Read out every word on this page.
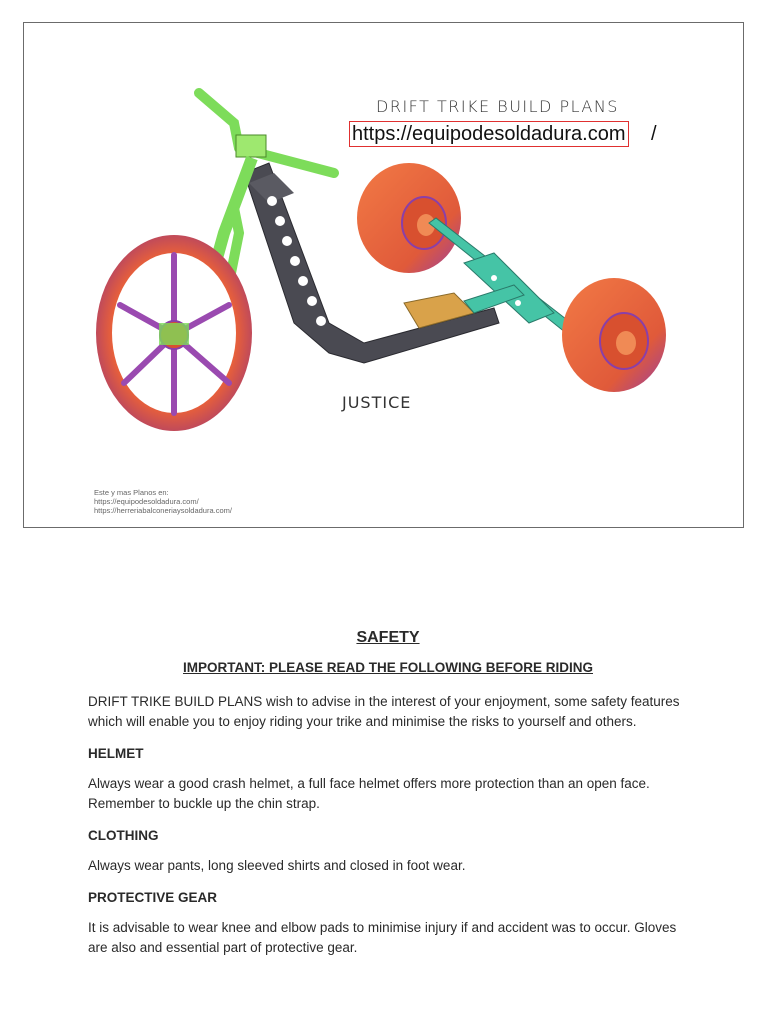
DRIFT TRIKE BUILD PLANS
https://equipodesoldadura.com /
JUSTICE
Este y mas Planos en:
https://equipodesoldadura.com/
https://herreriabalconeriaysoldadura.com/
SAFETY
IMPORTANT: PLEASE READ THE FOLLOWING BEFORE RIDING

DRIFT TRIKE BUILD PLANS wish to advise in the interest of your enjoyment, some safety features which will enable you to enjoy riding your trike and minimise the risks to yourself and others.

HELMET

Always wear a good crash helmet, a full face helmet offers more protection than an open face. Remember to buckle up the chin strap.

CLOTHING

Always wear pants, long sleeved shirts and closed in foot wear.

PROTECTIVE GEAR

It is advisable to wear knee and elbow pads to minimise injury if and accident was to occur. Gloves are also and essential part of protective gear.
